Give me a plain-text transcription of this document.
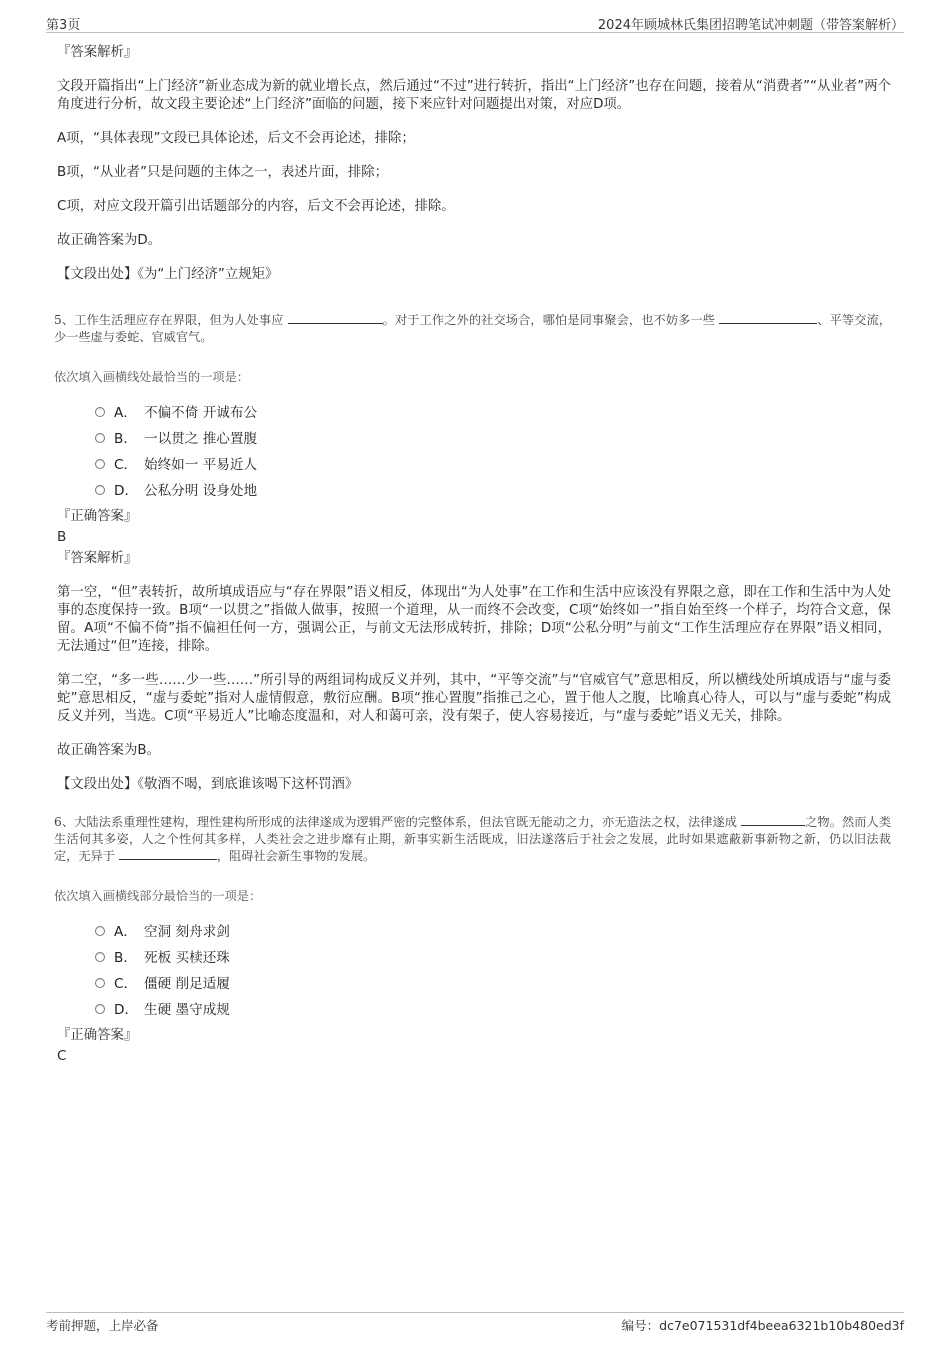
第3页	2024年顾城林氏集团招聘笔试冲刺题（带答案解析）
『答案解析』

文段开篇指出“上门经济”新业态成为新的就业增长点，然后通过“不过”进行转折，指出“上门经济”也存在问题，接着从“消费者”“从业者”两个角度进行分析，故文段主要论述“上门经济”面临的问题，接下来应针对问题提出对策，对应D项。

A项，“具体表现”文段已具体论述，后文不会再论述，排除；

B项，“从业者”只是问题的主体之一，表述片面，排除；

C项，对应文段开篇引出话题部分的内容，后文不会再论述，排除。

故正确答案为D。

【文段出处】《为“上门经济”立规矩》

5、工作生活理应存在界限，但为人处事应	。对于工作之外的社交场合，哪怕是同事聚会，也不妨多一些	、平等交流，少一些虚与委蛇、官威官气。

依次填入画横线处最恰当的一项是：

A． 不偏不倚 开诚布公
B． 一以贯之 推心置腹
C． 始终如一 平易近人
D． 公私分明 设身处地
『正确答案』
B
『答案解析』

第一空，“但”表转折，故所填成语应与“存在界限”语义相反，体现出“为人处事”在工作和生活中应该没有界限之意，即在工作和生活中为人处事的态度保持一致。B项“一以贯之”指做人做事，按照一个道理，从一而终不会改变，C项“始终如一”指自始至终一个样子，均符合文意，保留。A项“不偏不倚”指不偏袒任何一方，强调公正，与前文无法形成转折，排除；D项“公私分明”与前文“工作生活理应存在界限”语义相同，无法通过“但”连接，排除。

第二空，“多一些……少一些……”所引导的两组词构成反义并列，其中，“平等交流”与“官威官气”意思相反，所以横线处所填成语与“虚与委蛇”意思相反，“虚与委蛇”指对人虚情假意，敷衍应酬。B项“推心置腹”指推己之心，置于他人之腹，比喻真心待人，可以与“虚与委蛇”构成反义并列，当选。C项“平易近人”比喻态度温和，对人和蔼可亲，没有架子，使人容易接近，与“虚与委蛇”语义无关，排除。

故正确答案为B。

【文段出处】《敬酒不喝，到底谁该喝下这杯罚酒》

6、大陆法系重理性建构，理性建构所形成的法律遂成为逻辑严密的完整体系，但法官既无能动之力，亦无造法之权，法律遂成	之物。然而人类生活何其多姿，人之个性何其多样，人类社会之进步靡有止期，新事实新生活既成，旧法遂落后于社会之发展，此时如果遮蔽新事新物之新，仍以旧法裁定，无异于	，阻碍社会新生事物的发展。

依次填入画横线部分最恰当的一项是：

A． 空洞 刻舟求剑
B． 死板 买椟还珠
C． 僵硬 削足适履
D． 生硬 墨守成规
『正确答案』
C
考前押题，上岸必备	编号：dc7e071531df4beea6321b10b480ed3f
